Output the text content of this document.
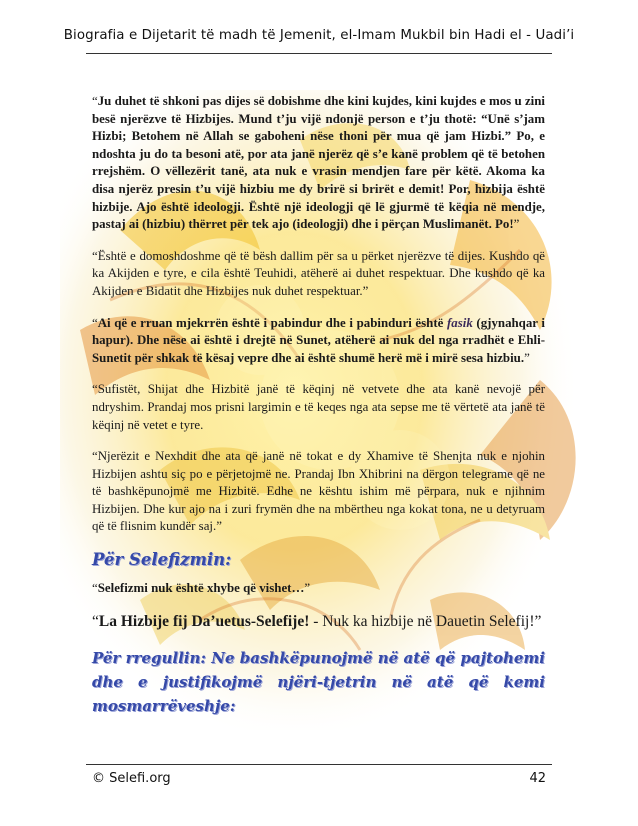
Biografia e Dijetarit të madh të Jemenit, el-Imam Mukbil bin Hadi el - Uadi’i

“Ju duhet të shkoni pas dijes së dobishme dhe kini kujdes, kini kujdes e mos u zini besë njerëzve të Hizbijes. Mund t’ju vijë ndonjë person e t’ju thotë: “Unë s’jam Hizbi; Betohem në Allah se gaboheni nëse thoni për mua që jam Hizbi.” Po, e ndoshta ju do ta besoni atë, por ata janë njerëz që s’e kanë problem që të betohen rrejshëm. O vëllezërit tanë, ata nuk e vrasin mendjen fare për këtë. Akoma ka disa njerëz presin t’u vijë hizbiu me dy brirë si brirët e demit! Por, hizbija është hizbije. Ajo është ideologji. Është një ideologji që lë gjurmë të këqia në mendje, pastaj ai (hizbiu) thërret për tek ajo (ideologji) dhe i përçan Muslimanët. Po!”

“Është e domoshdoshme që të bësh dallim për sa u përket njerëzve të dijes. Kushdo që ka Akijden e tyre, e cila është Teuhidi, atëherë ai duhet respektuar. Dhe kushdo që ka Akijden e Bidatit dhe Hizbijes nuk duhet respektuar.”

“Ai që e rruan mjekrrën është i pabindur dhe i pabinduri është fasik (gjynahqar i hapur). Dhe nëse ai është i drejtë në Sunet, atëherë ai nuk del nga rradhët e Ehli-Sunetit për shkak të kësaj vepre dhe ai është shumë herë më i mirë sesa hizbiu.”

“Sufistët, Shijat dhe Hizbitë janë të këqinj në vetvete dhe ata kanë nevojë për ndryshim. Prandaj mos prisni largimin e të keqes nga ata sepse me të vërtetë ata janë të këqinj në vetet e tyre.

“Njerëzit e Nexhdit dhe ata që janë në tokat e dy Xhamive të Shenjta nuk e njohin Hizbijen ashtu siç po e përjetojmë ne. Prandaj Ibn Xhibrini na dërgon telegrame që ne të bashkëpunojmë me Hizbitë. Edhe ne kështu ishim më përpara, nuk e njihnim Hizbijen. Dhe kur ajo na i zuri frymën dhe na mbërtheu nga kokat tona, ne u detyruam që të flisnim kundër saj.”

Për Selefizmin:

“Selefizmi nuk është xhybe që vishet…”

“La Hizbije fij Da’uetus-Selefije! - Nuk ka hizbije në Dauetin Selefij!”

Për rregullin: Ne bashkëpunojmë në atë që pajtohemi dhe e justifikojmë njëri-tjetrin në atë që kemi mosmarrëveshje:
© Selefi.org	42
